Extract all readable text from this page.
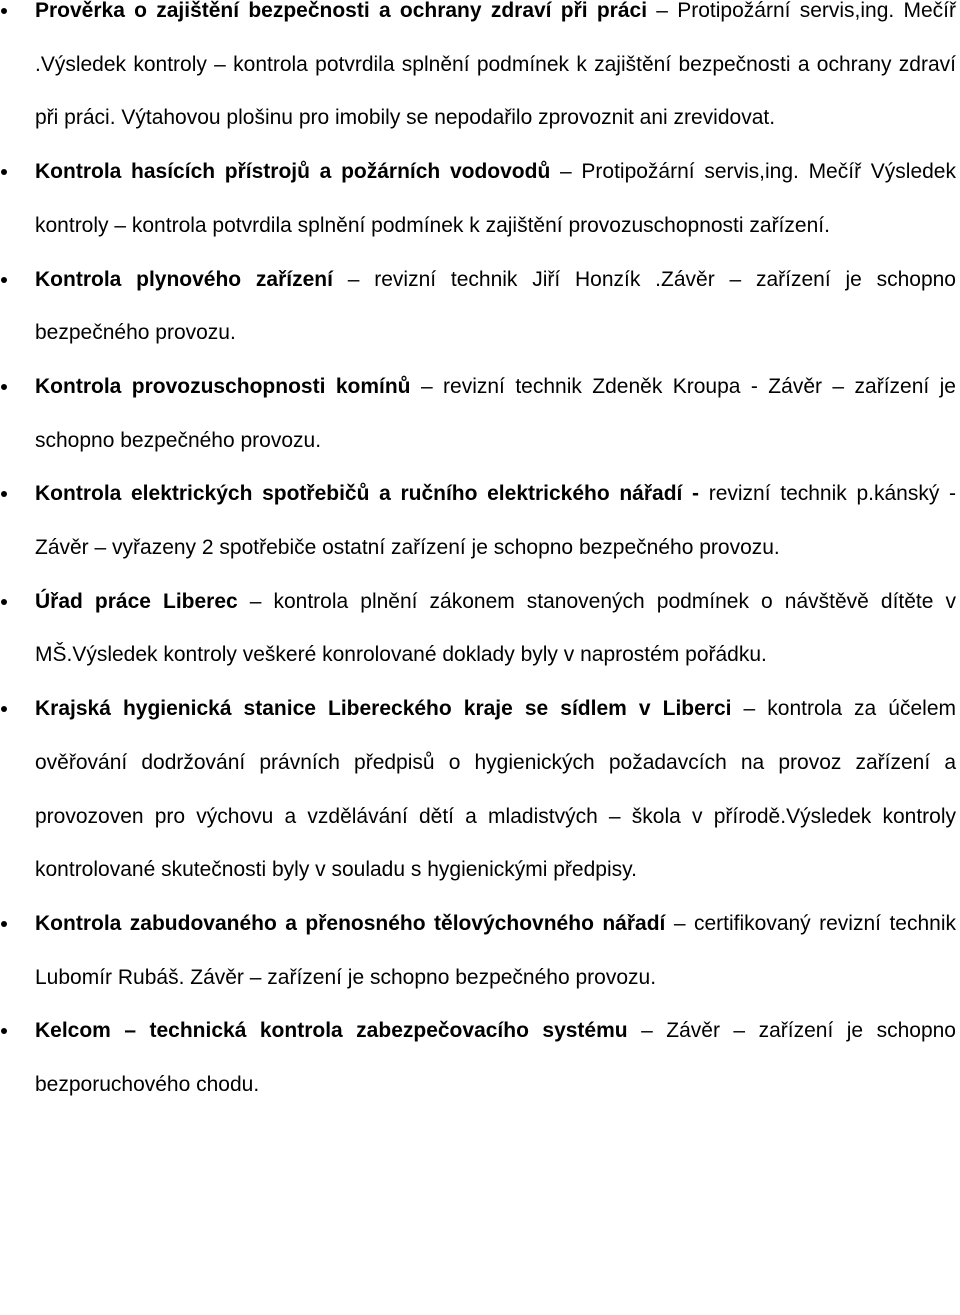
Prověrka o zajištění bezpečnosti a ochrany zdraví při práci – Protipožární servis,ing. Mečíř .Výsledek kontroly – kontrola potvrdila splnění podmínek k zajištění bezpečnosti a ochrany zdraví při práci. Výtahovou plošinu pro imobily se nepodařilo zprovoznit ani zrevidovat.
Kontrola hasících přístrojů a požárních vodovodů – Protipožární servis,ing. Mečíř Výsledek kontroly – kontrola potvrdila splnění podmínek k zajištění provozuschopnosti zařízení.
Kontrola plynového zařízení – revizní technik Jiří Honzík .Závěr – zařízení je schopno bezpečného provozu.
Kontrola provozuschopnosti komínů – revizní technik Zdeněk Kroupa - Závěr – zařízení je schopno bezpečného provozu.
Kontrola elektrických spotřebičů a ručního elektrického nářadí - revizní technik p.kánský - Závěr – vyřazeny 2 spotřebiče ostatní zařízení je schopno bezpečného provozu.
Úřad práce Liberec – kontrola plnění zákonem stanovených podmínek o návštěvě dítěte v MŠ.Výsledek kontroly veškeré konrolované doklady byly v naprostém pořádku.
Krajská hygienická stanice Libereckého kraje se sídlem v Liberci – kontrola za účelem ověřování dodržování právních předpisů o hygienických požadavcích na provoz zařízení a provozoven pro výchovu a vzdělávání dětí a mladistvých – škola v přírodě.Výsledek kontroly kontrolované skutečnosti byly v souladu s hygienickými předpisy.
Kontrola zabudovaného a přenosného tělovýchovného nářadí – certifikovaný revizní technik Lubomír Rubáš. Závěr – zařízení je schopno bezpečného provozu.
Kelcom – technická kontrola zabezpečovacího systému – Závěr – zařízení je schopno bezporuchového chodu.
